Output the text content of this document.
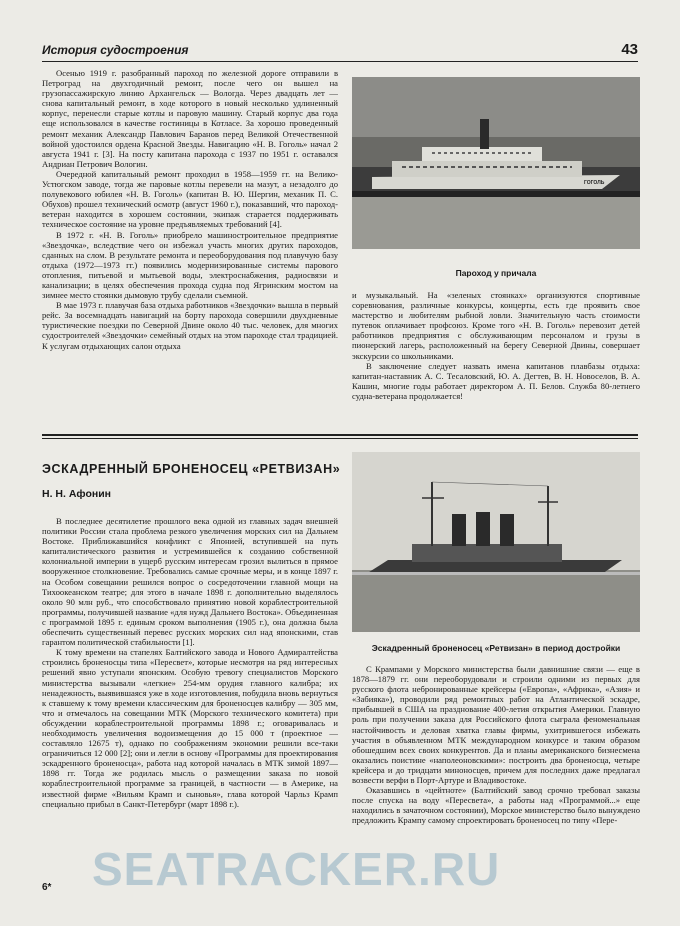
История судостроения	43

Осенью 1919 г. разобранный пароход по железной дороге отправили в Петроград на двухгодичный ремонт, после чего он вышел на грузопассажирскую линию Архангельск — Вологда. Через двадцать лет — снова капитальный ремонт, в ходе которого в новый несколько удлиненный корпус, перенесли старые котлы и паровую машину. Старый корпус два года еще использовался в качестве гостиницы в Котласе. За хорошо проведенный ремонт механик Александр Павлович Баранов перед Великой Отечественной войной удостоился ордена Красной Звезды. Навигацию «Н. В. Гоголь» начал 2 августа 1941 г. [3]. На посту капитана парохода с 1937 по 1951 г. оставался Андриан Петрович Вологин.

Очередной капитальный ремонт проходил в 1958—1959 гг. на Велико-Устюгском заводе, тогда же паровые котлы перевели на мазут, а незадолго до полувекового юбилея «Н. В. Гоголь» (капитан В. Ю. Шергин, механик П. С. Обухов) прошел технический осмотр (август 1960 г.), показавший, что пароход-ветеран находится в хорошем состоянии, экипаж старается поддерживать техническое состояние на уровне предъявляемых требований [4].

В 1972 г. «Н. В. Гоголь» приобрело машиностроительное предприятие «Звездочка», вследствие чего он избежал участь многих других пароходов, сданных на слом. В результате ремонта и переоборудования под плавучую базу отдыха (1972—1973 гг.) появились модернизированные системы парового отопления, питьевой и мытьевой воды, электроснабжения, радиосвязи и канализации; в целях обеспечения прохода судна под Ягринским мостом на зимнее место стоянки дымовую трубу сделали съемной.

В мае 1973 г. плавучая база отдыха работников «Звездочки» вышла в первый рейс. За восемнадцать навигаций на борту парохода совершили двухдневные туристические поездки по Северной Двине около 40 тыс. человек, для многих судостроителей «Звездочки» семейный отдых на этом пароходе стал традицией. К услугам отдыхающих салон отдыха

ГОГОЛЬ
Пароход у причала

и музыкальный. На «зеленых стоянках» организуются спортивные соревнования, различные конкурсы, концерты, есть где проявить свое мастерство и любителям рыбной ловли. Значительную часть стоимости путевок оплачивает профсоюз. Кроме того «Н. В. Гоголь» перевозит детей работников предприятия с обслуживающим персоналом и грузы в пионерский лагерь, расположенный на берегу Северной Двины, совершает экскурсии со школьниками.

В заключение следует назвать имена капитанов плавбазы отдыха: капитан-наставник А. С. Тесаловский, Ю. А. Дегтев, В. Н. Новоселов, В. А. Кашин, многие годы работает директором А. П. Белов. Служба 80-летнего судна-ветерана продолжается!

ЭСКАДРЕННЫЙ БРОНЕНОСЕЦ «РЕТВИЗАН»
Н. Н. Афонин

В последнее десятилетие прошлого века одной из главных задач внешней политики России стала проблема резкого увеличения морских сил на Дальнем Востоке. Приближавшийся конфликт с Японией, вступившей на путь капиталистического развития и устремившейся к созданию собственной колониальной империи в ущерб русским интересам грозил вылиться в прямое вооруженное столкновение. Требовались самые срочные меры, и в конце 1897 г. на Особом совещании решился вопрос о сосредоточении главной мощи на Тихоокеанском театре; для этого в начале 1898 г. дополнительно выделялось около 90 млн руб., что способствовало принятию новой кораблестроительной программы, получившей название «для нужд Дальнего Востока». Объединенная с программой 1895 г. единым сроком выполнения (1905 г.), она должна была обеспечить существенный перевес русских морских сил над японскими, став гарантом политической стабильности [1].

К тому времени на стапелях Балтийского завода и Нового Адмиралтейства строились броненосцы типа «Пересвет», которые несмотря на ряд интересных решений явно уступали японским. Особую тревогу специалистов Морского министерства вызывали «легкие» 254-мм орудия главного калибра; их ненадежность, выявившаяся уже в ходе изготовления, побудила вновь вернуться к ставшему к тому времени классическим для броненосцев калибру — 305 мм, что и отмечалось на совещании МТК (Морского технического комитета) при обсуждении кораблестроительной программы 1898 г.; оговаривалась и необходимость увеличения водоизмещения до 15 000 т (проектное — составляло 12675 т), однако по соображениям экономии решили все-таки ограничиться 12 000 [2]; они и легли в основу «Программы для проектирования эскадренного броненосца», работа над которой началась в МТК зимой 1897—1898 гг. Тогда же родилась мысль о размещении заказа по новой кораблестроительной программе за границей, в частности — в Америке, на известной фирме «Вильям Крамп и сыновья», глава которой Чарльз Крамп специально прибыл в Санкт-Петербург (март 1898 г.).

Эскадренный броненосец «Ретвизан» в период достройки

С Крампами у Морского министерства были давнишние связи — еще в 1878—1879 гг. они переоборудовали и строили одними из первых для русского флота небронированные крейсеры («Европа», «Африка», «Азия» и «Забияка»), проводили ряд ремонтных работ на Атлантической эскадре, прибывшей в США на празднование 400-летия открытия Америки. Главную роль при получении заказа для Российского флота сыграла феноменальная настойчивость и деловая хватка главы фирмы, ухитрившегося избежать участия в объявленном МТК международном конкурсе и таким образом обошедшим всех своих конкурентов. Да и планы американского бизнесмена оказались поистине «наполеоновскими»: построить два броненосца, четыре крейсера и до тридцати миноносцев, причем для последних даже предлагал возвести верфи в Порт-Артуре и Владивостоке.

Оказавшись в «цейтноте» (Балтийский завод срочно требовал заказы после спуска на воду «Пересвета», а работы над «Программой...» еще находились в зачаточном состоянии), Морское министерство было вынуждено предложить Крампу самому спроектировать броненосец по типу «Пере-

6* SEATRACKER.RU
